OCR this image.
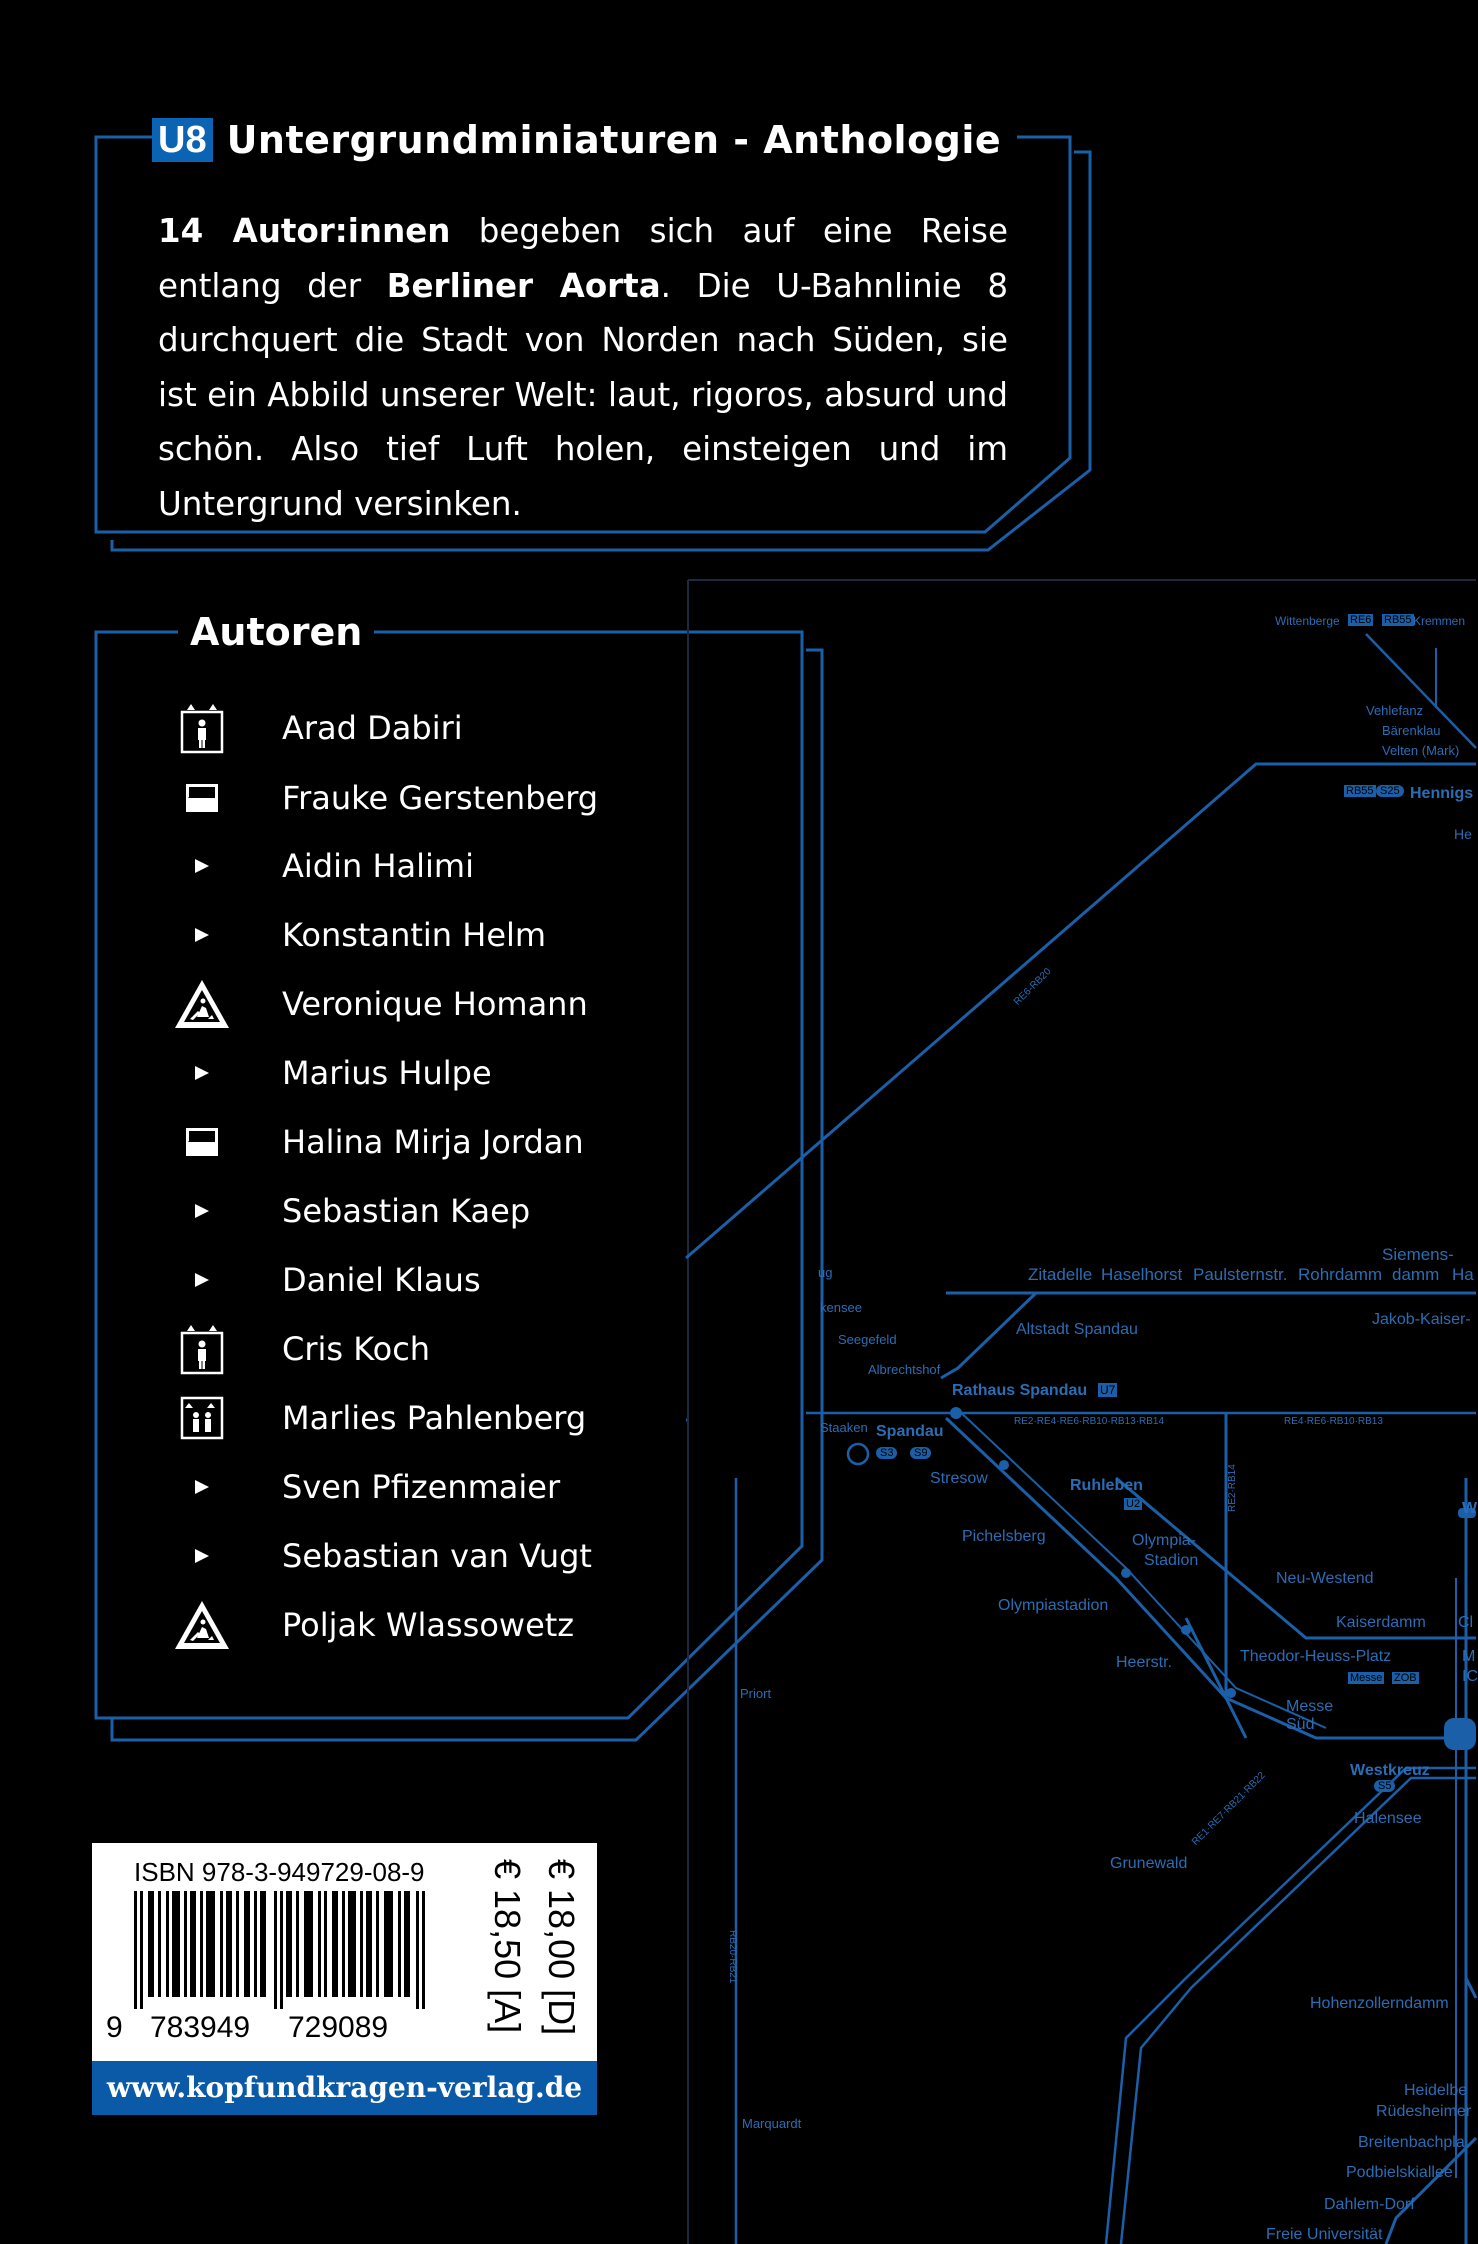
U8 Untergrundminiaturen - Anthologie
14 Autor:innen begeben sich auf eine Reise entlang der Berliner Aorta. Die U-Bahnlinie 8 durchquert die Stadt von Norden nach Süden, sie ist ein Abbild unserer Welt: laut, rigoros, absurd und schön. Also tief Luft holen, einsteigen und im Untergrund versinken.
Autoren
Arad Dabiri
Frauke Gerstenberg
Aidin Halimi
Konstantin Helm
Veronique Homann
Marius Hulpe
Halina Mirja Jordan
Sebastian Kaep
Daniel Klaus
Cris Koch
Marlies Pahlenberg
Sven Pfizenmaier
Sebastian van Vugt
Poljak Wlassowetz
Wittenberge RE6 RB55 Kremmen
Vehlefanz
Bärenklau
Velten (Mark)
RB55 S25 Hennigs
He
RE6-RB20
Zitadelle Haselhorst Paulsternstr. Rohrdamm
Siemens-
damm Ha
ug
kensee
Seegefeld
Albrechtshof
Altstadt Spandau
Jakob-Kaiser-
Rathaus Spandau U7
RE2·RE4·RE6·RB10·RB13·RB14	RE4·RE6·RB10·RB13
Staaken Spandau
S3	S9
Stresow	Ruhleben
U2	RE2·RB14
Pichelsberg	Olympia-
Stadion
Neu-Westend
W
Olympiastadion
Kaiserdamm Cl
Theodor-Heuss-Platz
Messe ZOB
M
IC
Heerstr.
Priort
Messe
Süd
Westkreuz
S5
Halensee
Grunewald
RE1·RE7·RB21·RB22
RB20·RB21
Hohenzollerndamm
Heidelbe
Rüdesheimer
Breitenbachpla
Podbielskiallee
Dahlem-Dorf
Marquardt
Freie Universität
ISBN 978-3-949729-08-9
9 783949 729089	€ 18,00 [D]
€ 18,50 [A]
www.kopfundkragen-verlag.de
